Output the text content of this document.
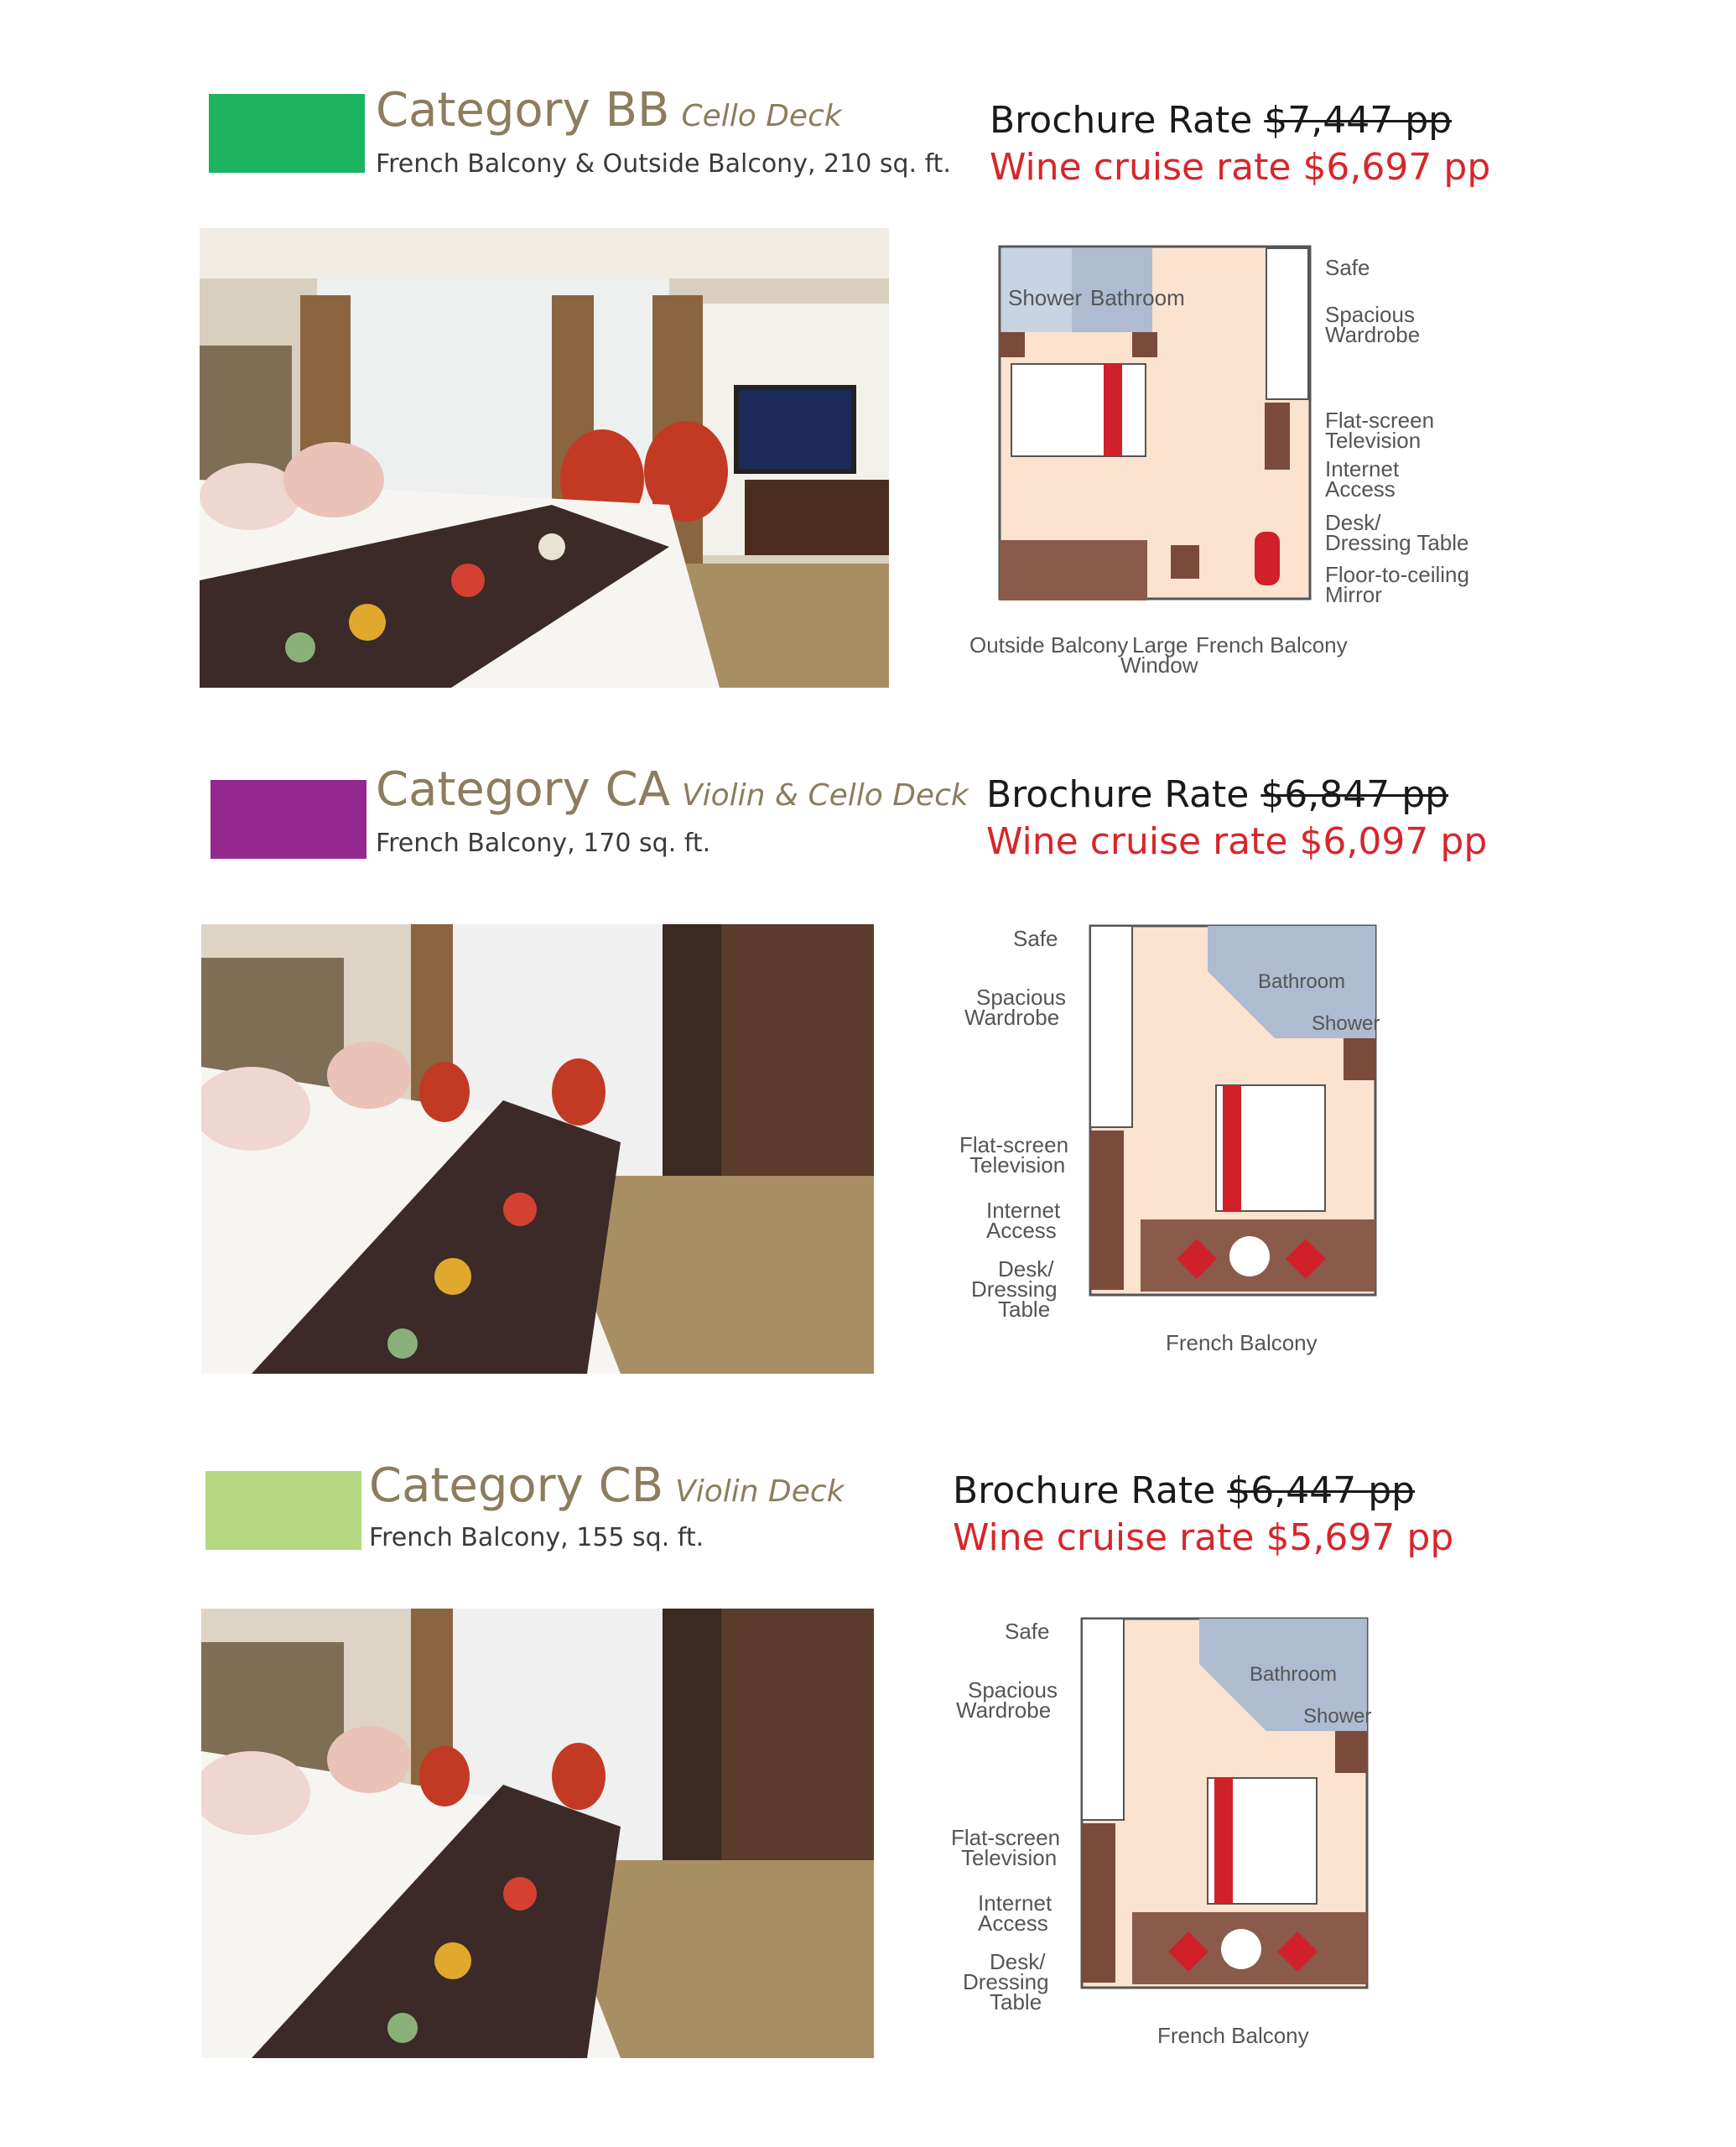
Category BB Cello Deck
French Balcony & Outside Balcony, 210 sq. ft.
Brochure Rate $7,447 pp
Wine cruise rate $6,697 pp
Shower Bathroom
Safe
Spacious
Wardrobe
Flat-screen
Television
Internet
Access
Desk/
Dressing Table
Floor-to-ceiling
Mirror
Outside Balcony Large
Window
French Balcony
Category CA Violin & Cello Deck
French Balcony, 170 sq. ft.
Brochure Rate $6,847 pp
Wine cruise rate $6,097 pp
Safe
Spacious
Wardrobe
Bathroom
Shower
Flat-screen
Television
Internet
Access
Desk/
Dressing
Table
French Balcony
Category CB Violin Deck
French Balcony, 155 sq. ft.
Brochure Rate $6,447 pp
Wine cruise rate $5,697 pp
Safe
Spacious
Wardrobe
Bathroom
Shower
Flat-screen
Television
Internet
Access
Desk/
Dressing
Table
French Balcony
